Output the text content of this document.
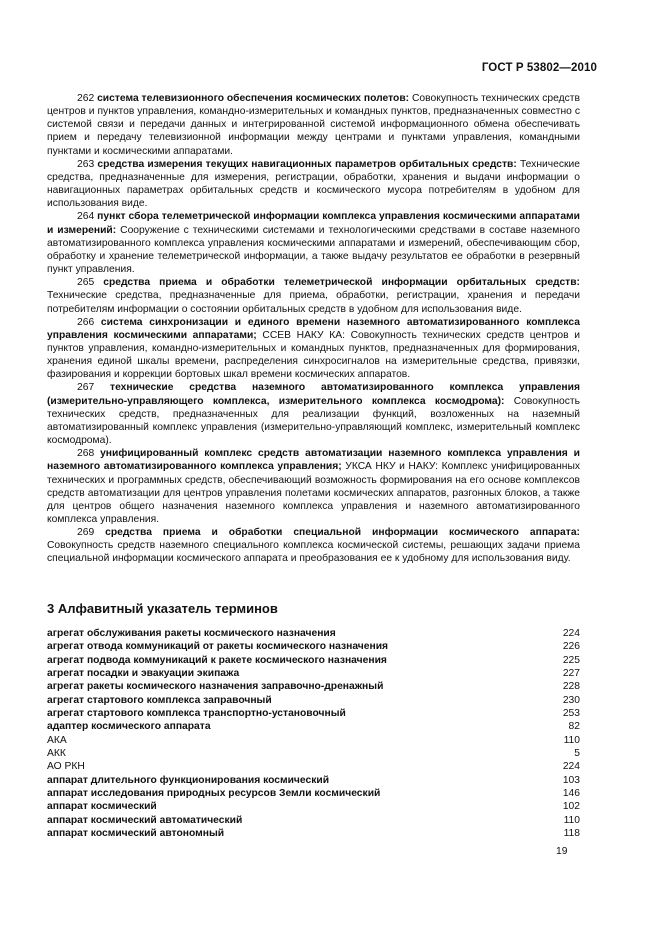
ГОСТ Р 53802—2010

262 система телевизионного обеспечения космических полетов: Совокупность технических средств центров и пунктов управления, командно-измерительных и командных пунктов, предназначенных совместно с системой связи и передачи данных и интегрированной системой информационного обмена обеспечивать прием и передачу телевизионной информации между центрами и пунктами управления, командными пунктами и космическими аппаратами.

263 средства измерения текущих навигационных параметров орбитальных средств: Технические средства, предназначенные для измерения, регистрации, обработки, хранения и выдачи информации о навигационных параметрах орбитальных средств и космического мусора потребителям в удобном для использования виде.

264 пункт сбора телеметрической информации комплекса управления космическими аппаратами и измерений: Сооружение с техническими системами и технологическими средствами в составе наземного автоматизированного комплекса управления космическими аппаратами и измерений, обеспечивающим сбор, обработку и хранение телеметрической информации, а также выдачу результатов ее обработки в резервный пункт управления.

265 средства приема и обработки телеметрической информации орбитальных средств: Технические средства, предназначенные для приема, обработки, регистрации, хранения и передачи потребителям информации о состоянии орбитальных средств в удобном для использования виде.

266 система синхронизации и единого времени наземного автоматизированного комплекса управления космическими аппаратами; ССЕВ НАКУ КА: Совокупность технических средств центров и пунктов управления, командно-измерительных и командных пунктов, предназначенных для формирования, хранения единой шкалы времени, распределения синхросигналов на измерительные средства, привязки, фазирования и коррекции бортовых шкал времени космических аппаратов.

267 технические средства наземного автоматизированного комплекса управления (измерительно-управляющего комплекса, измерительного комплекса космодрома): Совокупность технических средств, предназначенных для реализации функций, возложенных на наземный автоматизированный комплекс управления (измерительно-управляющий комплекс, измерительный комплекс космодрома).

268 унифицированный комплекс средств автоматизации наземного комплекса управления и наземного автоматизированного комплекса управления; УКСА НКУ и НАКУ: Комплекс унифицированных технических и программных средств, обеспечивающий возможность формирования на его основе комплексов средств автоматизации для центров управления полетами космических аппаратов, разгонных блоков, а также для центров общего назначения наземного комплекса управления и наземного автоматизированного комплекса управления.

269 средства приема и обработки специальной информации космического аппарата: Совокупность средств наземного специального комплекса космической системы, решающих задачи приема специальной информации космического аппарата и преобразования ее к удобному для использования виду.

3 Алфавитный указатель терминов
агрегат обслуживания ракеты космического назначения	224
агрегат отвода коммуникаций от ракеты космического назначения	226
агрегат подвода коммуникаций к ракете космического назначения	225
агрегат посадки и эвакуации экипажа	227
агрегат ракеты космического назначения заправочно-дренажный	228
агрегат стартового комплекса заправочный	230
агрегат стартового комплекса транспортно-установочный	253
адаптер космического аппарата	82
АКА	110
АКК	5
АО РКН	224
аппарат длительного функционирования космический	103
аппарат исследования природных ресурсов Земли космический	146
аппарат космический	102
аппарат космический автоматический	110
аппарат космический автономный	118
19
